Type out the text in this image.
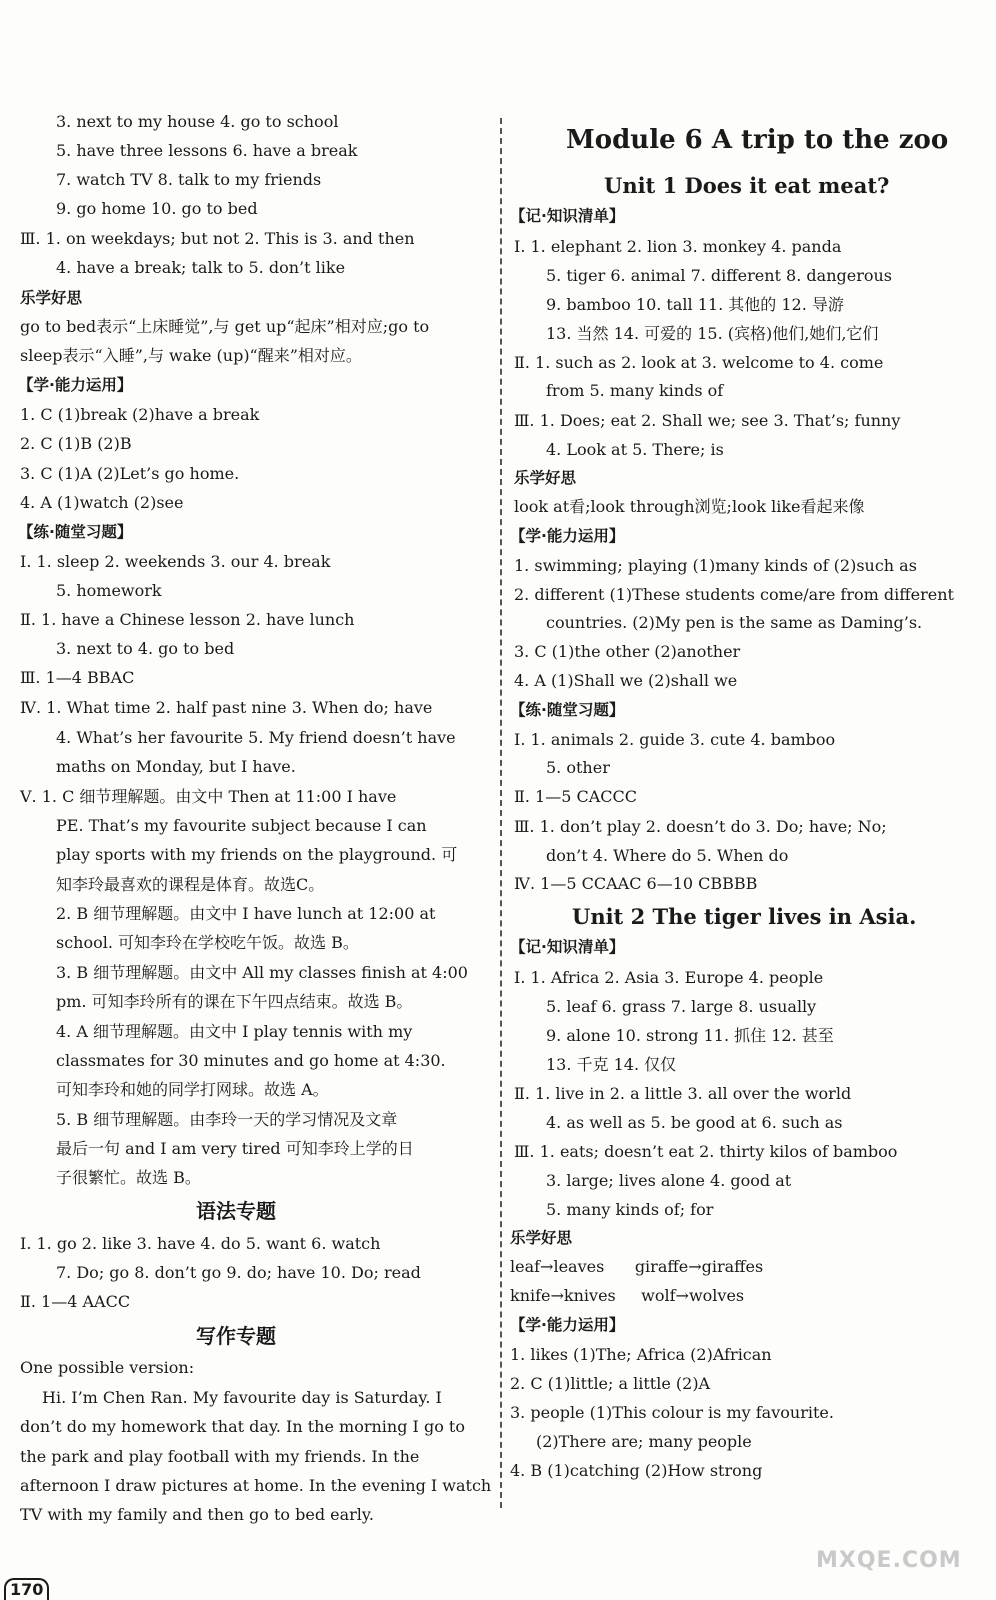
3. next to my house 4. go to school
5. have three lessons 6. have a break
7. watch TV 8. talk to my friends
9. go home 10. go to bed
Ⅲ. 1. on weekdays; but not 2. This is 3. and then
4. have a break; talk to 5. don’t like
乐学好思
go to bed表示“上床睡觉”,与 get up“起床”相对应;go to
sleep表示“入睡”,与 wake (up)“醒来”相对应。
【学·能力运用】
1. C (1)break (2)have a break
2. C (1)B (2)B
3. C (1)A (2)Let’s go home.
4. A (1)watch (2)see
【练·随堂习题】
Ⅰ. 1. sleep 2. weekends 3. our 4. break
5. homework
Ⅱ. 1. have a Chinese lesson 2. have lunch
3. next to 4. go to bed
Ⅲ. 1—4 BBAC
Ⅳ. 1. What time 2. half past nine 3. When do; have
4. What’s her favourite 5. My friend doesn’t have
maths on Monday, but I have.
Ⅴ. 1. C 细节理解题。由文中 Then at 11:00 I have
PE. That’s my favourite subject because I can
play sports with my friends on the playground. 可
知李玲最喜欢的课程是体育。故选C。
2. B 细节理解题。由文中 I have lunch at 12:00 at
school. 可知李玲在学校吃午饭。故选 B。
3. B 细节理解题。由文中 All my classes finish at 4:00
pm. 可知李玲所有的课在下午四点结束。故选 B。
4. A 细节理解题。由文中 I play tennis with my
classmates for 30 minutes and go home at 4:30.
可知李玲和她的同学打网球。故选 A。
5. B 细节理解题。由李玲一天的学习情况及文章
最后一句 and I am very tired 可知李玲上学的日
子很繁忙。故选 B。
语法专题
Ⅰ. 1. go 2. like 3. have 4. do 5. want 6. watch
7. Do; go 8. don’t go 9. do; have 10. Do; read
Ⅱ. 1—4 AACC
写作专题
One possible version:
Hi. I’m Chen Ran. My favourite day is Saturday. I
don’t do my homework that day. In the morning I go to
the park and play football with my friends. In the
afternoon I draw pictures at home. In the evening I watch
TV with my family and then go to bed early.
Module 6 A trip to the zoo
Unit 1 Does it eat meat?
【记·知识清单】
Ⅰ. 1. elephant 2. lion 3. monkey 4. panda
5. tiger 6. animal 7. different 8. dangerous
9. bamboo 10. tall 11. 其他的 12. 导游
13. 当然 14. 可爱的 15. (宾格)他们,她们,它们
Ⅱ. 1. such as 2. look at 3. welcome to 4. come
from 5. many kinds of
Ⅲ. 1. Does; eat 2. Shall we; see 3. That’s; funny
4. Look at 5. There; is
乐学好思
look at看;look through浏览;look like看起来像
【学·能力运用】
1. swimming; playing (1)many kinds of (2)such as
2. different (1)These students come/are from different
countries. (2)My pen is the same as Daming’s.
3. C (1)the other (2)another
4. A (1)Shall we (2)shall we
【练·随堂习题】
Ⅰ. 1. animals 2. guide 3. cute 4. bamboo
5. other
Ⅱ. 1—5 CACCC
Ⅲ. 1. don’t play 2. doesn’t do 3. Do; have; No;
don’t 4. Where do 5. When do
Ⅳ. 1—5 CCAAC 6—10 CBBBB
Unit 2 The tiger lives in Asia.
【记·知识清单】
Ⅰ. 1. Africa 2. Asia 3. Europe 4. people
5. leaf 6. grass 7. large 8. usually
9. alone 10. strong 11. 抓住 12. 甚至
13. 千克 14. 仅仅
Ⅱ. 1. live in 2. a little 3. all over the world
4. as well as 5. be good at 6. such as
Ⅲ. 1. eats; doesn’t eat 2. thirty kilos of bamboo
3. large; lives alone 4. good at
5. many kinds of; for
乐学好思
leaf→leaves      giraffe→giraffes
knife→knives     wolf→wolves
【学·能力运用】
1. likes (1)The; Africa (2)African
2. C (1)little; a little (2)A
3. people (1)This colour is my favourite.
(2)There are; many people
4. B (1)catching (2)How strong
170
MXQE.COM
